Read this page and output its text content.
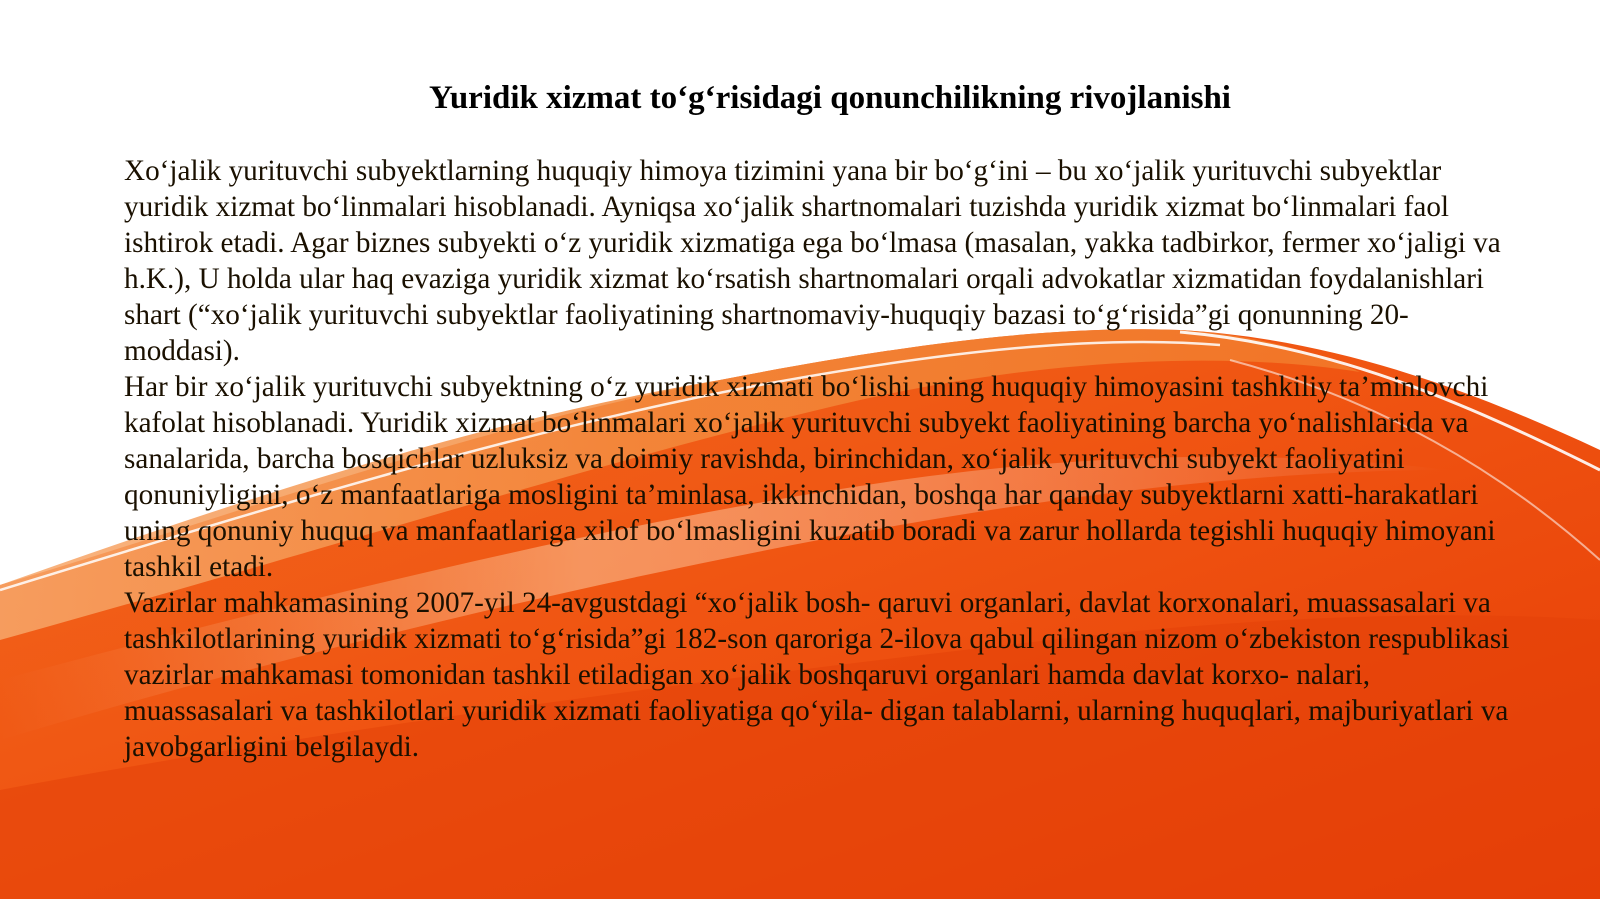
Yuridik xizmat to‘g‘risidagi qonunchilikning rivojlanishi

Xo‘jalik yurituvchi subyektlarning huquqiy himoya tizimini yana bir bo‘g‘ini – bu xo‘jalik yurituvchi subyektlar yuridik xizmat bo‘linmalari hisoblanadi. Ayniqsa xo‘jalik shartnomalari tuzishda yuridik xizmat bo‘linmalari faol ishtirok etadi. Agar biznes subyekti o‘z yuridik xizmatiga ega bo‘lmasa (masalan, yakka tadbirkor, fermer xo‘jaligi va h.K.), U holda ular haq evaziga yuridik xizmat ko‘rsatish shartnomalari orqali advokatlar xizmatidan foydalanishlari shart (“xo‘jalik yurituvchi subyektlar faoliyatining shartnomaviy-huquqiy bazasi to‘g‘risida”gi qonunning 20-moddasi).

Har bir xo‘jalik yurituvchi subyektning o‘z yuridik xizmati bo‘lishi uning huquqiy himoyasini tashkiliy ta’minlovchi kafolat hisoblanadi. Yuridik xizmat bo‘linmalari xo‘jalik yurituvchi subyekt faoliyatining barcha yo‘nalishlarida va sanalarida, barcha bosqichlar uzluksiz va doimiy ravishda, birinchidan, xo‘jalik yurituvchi subyekt faoliyatini qonuniyligini, o‘z manfaatlariga mosligini ta’minlasa, ikkinchidan, boshqa har qanday subyektlarni xatti-harakatlari uning qonuniy huquq va manfaatlariga xilof bo‘lmasligini kuzatib boradi va zarur hollarda tegishli huquqiy himoyani tashkil etadi.

Vazirlar mahkamasining 2007-yil 24-avgustdagi “xo‘jalik bosh- qaruvi organlari, davlat korxonalari, muassasalari va tashkilotlarining yuridik xizmati to‘g‘risida”gi 182-son qaroriga 2-ilova qabul qilingan nizom o‘zbekiston respublikasi vazirlar mahkamasi tomonidan tashkil etiladigan xo‘jalik boshqaruvi organlari hamda davlat korxo- nalari, muassasalari va tashkilotlari yuridik xizmati faoliyatiga qo‘yila- digan talablarni, ularning huquqlari, majburiyatlari va javobgarligini belgilaydi.
